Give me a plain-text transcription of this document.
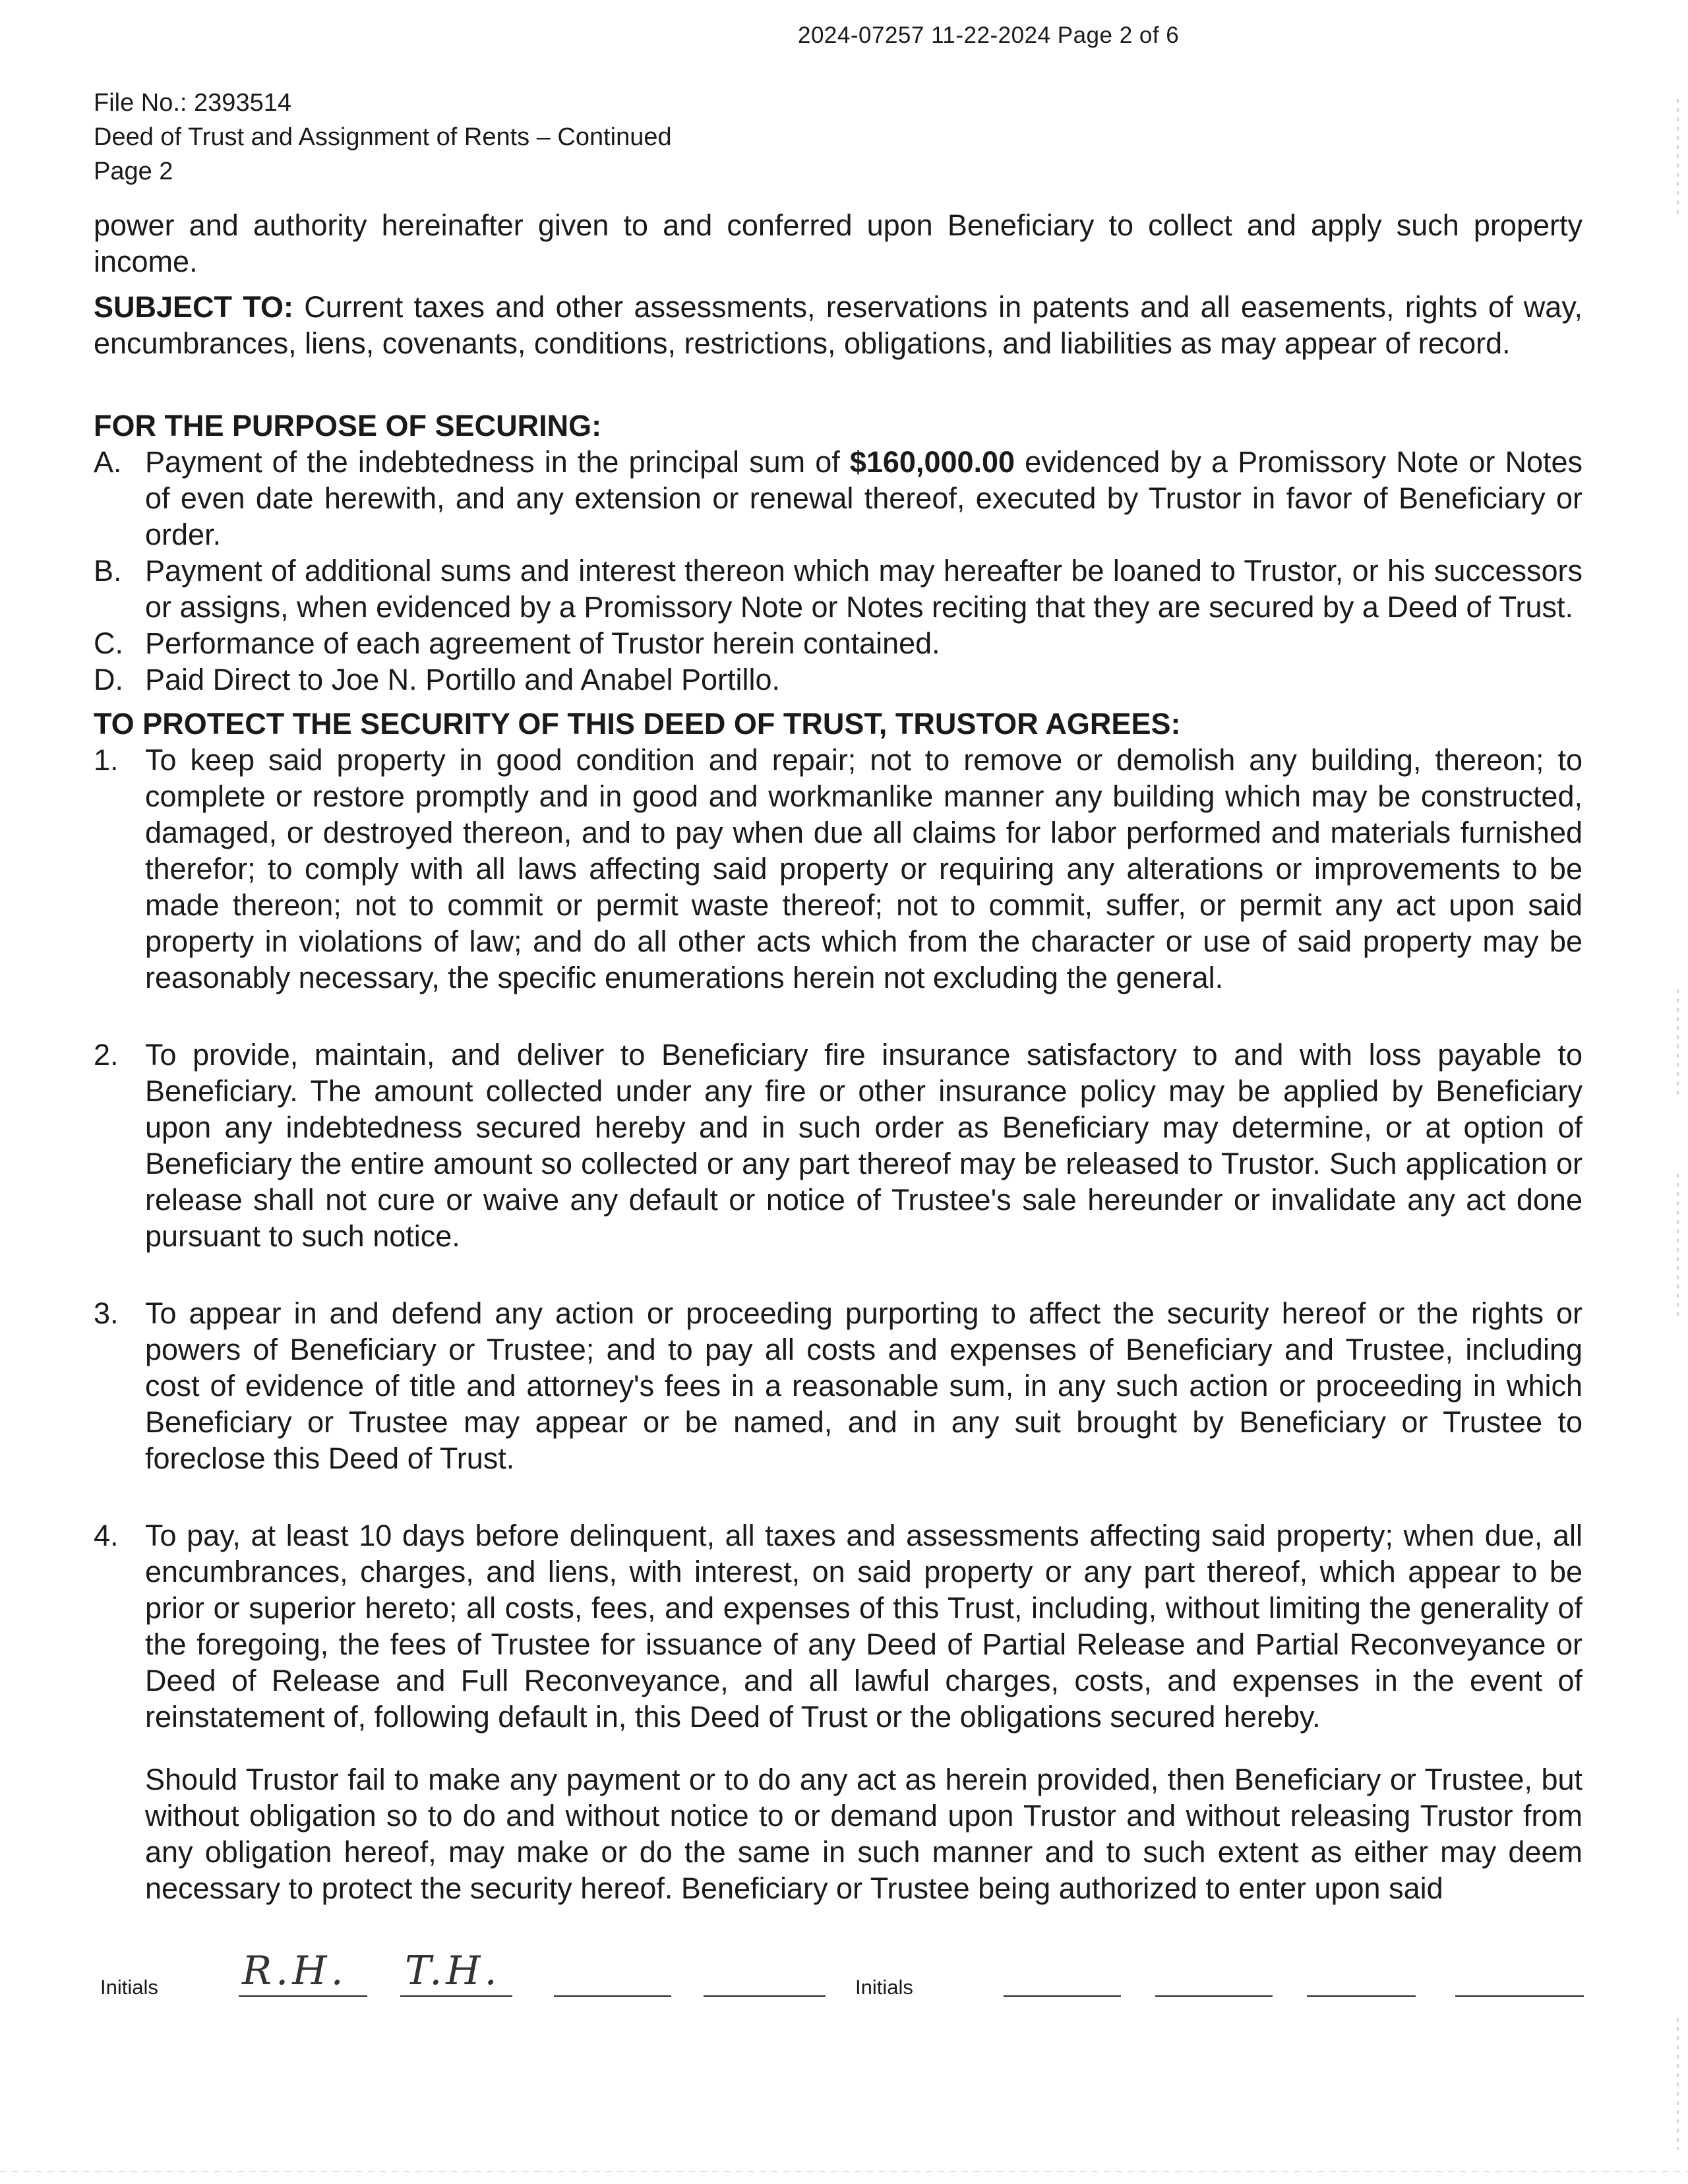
2024-07257 11-22-2024 Page 2 of 6
File No.: 2393514
Deed of Trust and Assignment of Rents – Continued
Page 2

power and authority hereinafter given to and conferred upon Beneficiary to collect and apply such property income.

SUBJECT TO: Current taxes and other assessments, reservations in patents and all easements, rights of way, encumbrances, liens, covenants, conditions, restrictions, obligations, and liabilities as may appear of record.

FOR THE PURPOSE OF SECURING:

A. Payment of the indebtedness in the principal sum of $160,000.00 evidenced by a Promissory Note or Notes of even date herewith, and any extension or renewal thereof, executed by Trustor in favor of Beneficiary or order.
B. Payment of additional sums and interest thereon which may hereafter be loaned to Trustor, or his successors or assigns, when evidenced by a Promissory Note or Notes reciting that they are secured by a Deed of Trust.
C. Performance of each agreement of Trustor herein contained.
D. Paid Direct to Joe N. Portillo and Anabel Portillo.

TO PROTECT THE SECURITY OF THIS DEED OF TRUST, TRUSTOR AGREES:

1. To keep said property in good condition and repair; not to remove or demolish any building, thereon; to complete or restore promptly and in good and workmanlike manner any building which may be constructed, damaged, or destroyed thereon, and to pay when due all claims for labor performed and materials furnished therefor; to comply with all laws affecting said property or requiring any alterations or improvements to be made thereon; not to commit or permit waste thereof; not to commit, suffer, or permit any act upon said property in violations of law; and do all other acts which from the character or use of said property may be reasonably necessary, the specific enumerations herein not excluding the general.
2. To provide, maintain, and deliver to Beneficiary fire insurance satisfactory to and with loss payable to Beneficiary. The amount collected under any fire or other insurance policy may be applied by Beneficiary upon any indebtedness secured hereby and in such order as Beneficiary may determine, or at option of Beneficiary the entire amount so collected or any part thereof may be released to Trustor. Such application or release shall not cure or waive any default or notice of Trustee's sale hereunder or invalidate any act done pursuant to such notice.
3. To appear in and defend any action or proceeding purporting to affect the security hereof or the rights or powers of Beneficiary or Trustee; and to pay all costs and expenses of Beneficiary and Trustee, including cost of evidence of title and attorney's fees in a reasonable sum, in any such action or proceeding in which Beneficiary or Trustee may appear or be named, and in any suit brought by Beneficiary or Trustee to foreclose this Deed of Trust.
4. To pay, at least 10 days before delinquent, all taxes and assessments affecting said property; when due, all encumbrances, charges, and liens, with interest, on said property or any part thereof, which appear to be prior or superior hereto; all costs, fees, and expenses of this Trust, including, without limiting the generality of the foregoing, the fees of Trustee for issuance of any Deed of Partial Release and Partial Reconveyance or Deed of Release and Full Reconveyance, and all lawful charges, costs, and expenses in the event of reinstatement of, following default in, this Deed of Trust or the obligations secured hereby.

Should Trustor fail to make any payment or to do any act as herein provided, then Beneficiary or Trustee, but without obligation so to do and without notice to or demand upon Trustor and without releasing Trustor from any obligation hereof, may make or do the same in such manner and to such extent as either may deem necessary to protect the security hereof. Beneficiary or Trustee being authorized to enter upon said

Initials R.H. T.H.	Initials
